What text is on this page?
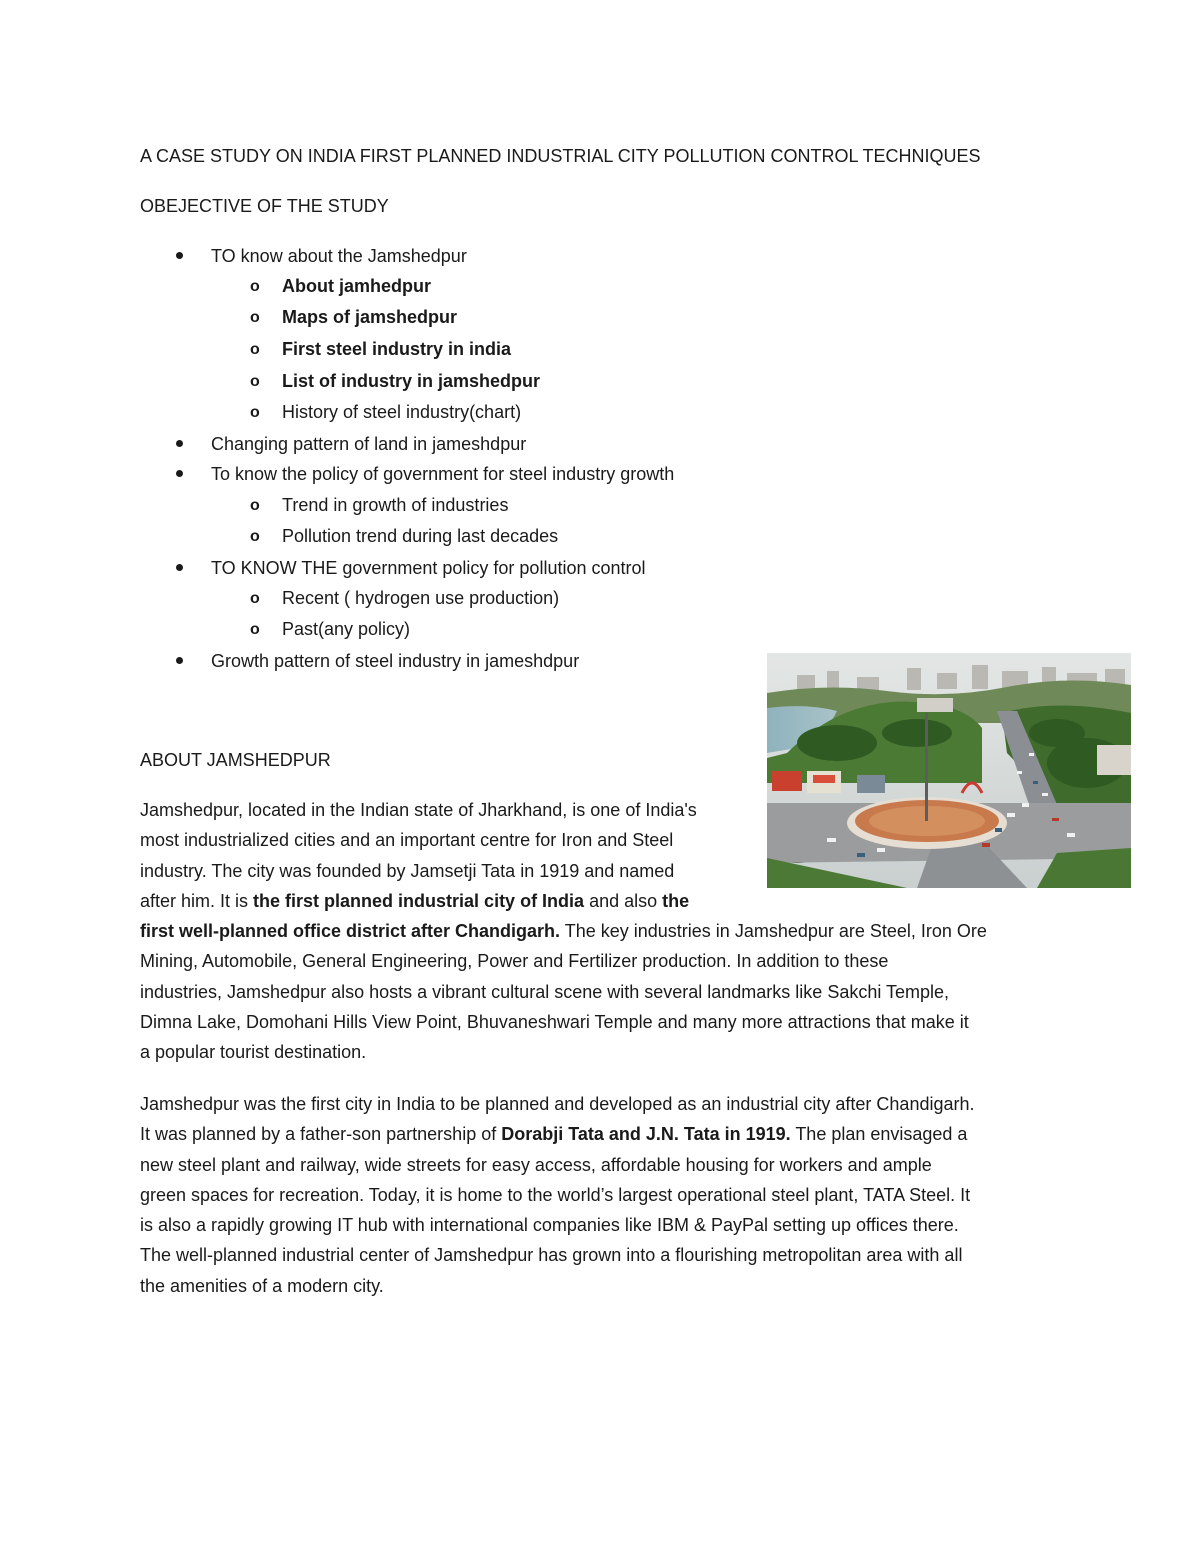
A CASE STUDY ON INDIA FIRST PLANNED INDUSTRIAL CITY POLLUTION CONTROL TECHNIQUES
OBEJECTIVE OF THE STUDY
TO know about the Jamshedpur
o About jamhedpur
o Maps of jamshedpur
o First steel industry in india
o List of industry in jamshedpur
o History of steel industry(chart)
Changing pattern of land in jameshdpur
To know the policy of government for steel industry growth
o Trend in growth of industries
o Pollution trend during last decades
TO KNOW THE government policy for pollution control
o Recent ( hydrogen use production)
o Past(any policy)
Growth pattern of steel industry in jameshdpur
ABOUT JAMSHEDPUR
Jamshedpur, located in the Indian state of Jharkhand, is one of India's
most industrialized cities and an important centre for Iron and Steel
industry. The city was founded by Jamsetji Tata in 1919 and named
after him. It is the first planned industrial city of India and also the
first well-planned office district after Chandigarh. The key industries in Jamshedpur are Steel, Iron Ore
Mining, Automobile, General Engineering, Power and Fertilizer production. In addition to these
industries, Jamshedpur also hosts a vibrant cultural scene with several landmarks like Sakchi Temple,
Dimna Lake, Domohani Hills View Point, Bhuvaneshwari Temple and many more attractions that make it
a popular tourist destination.
Jamshedpur was the first city in India to be planned and developed as an industrial city after Chandigarh.
It was planned by a father-son partnership of Dorabji Tata and J.N. Tata in 1919. The plan envisaged a
new steel plant and railway, wide streets for easy access, affordable housing for workers and ample
green spaces for recreation. Today, it is home to the world’s largest operational steel plant, TATA Steel. It
is also a rapidly growing IT hub with international companies like IBM & PayPal setting up offices there.
The well-planned industrial center of Jamshedpur has grown into a flourishing metropolitan area with all
the amenities of a modern city.
